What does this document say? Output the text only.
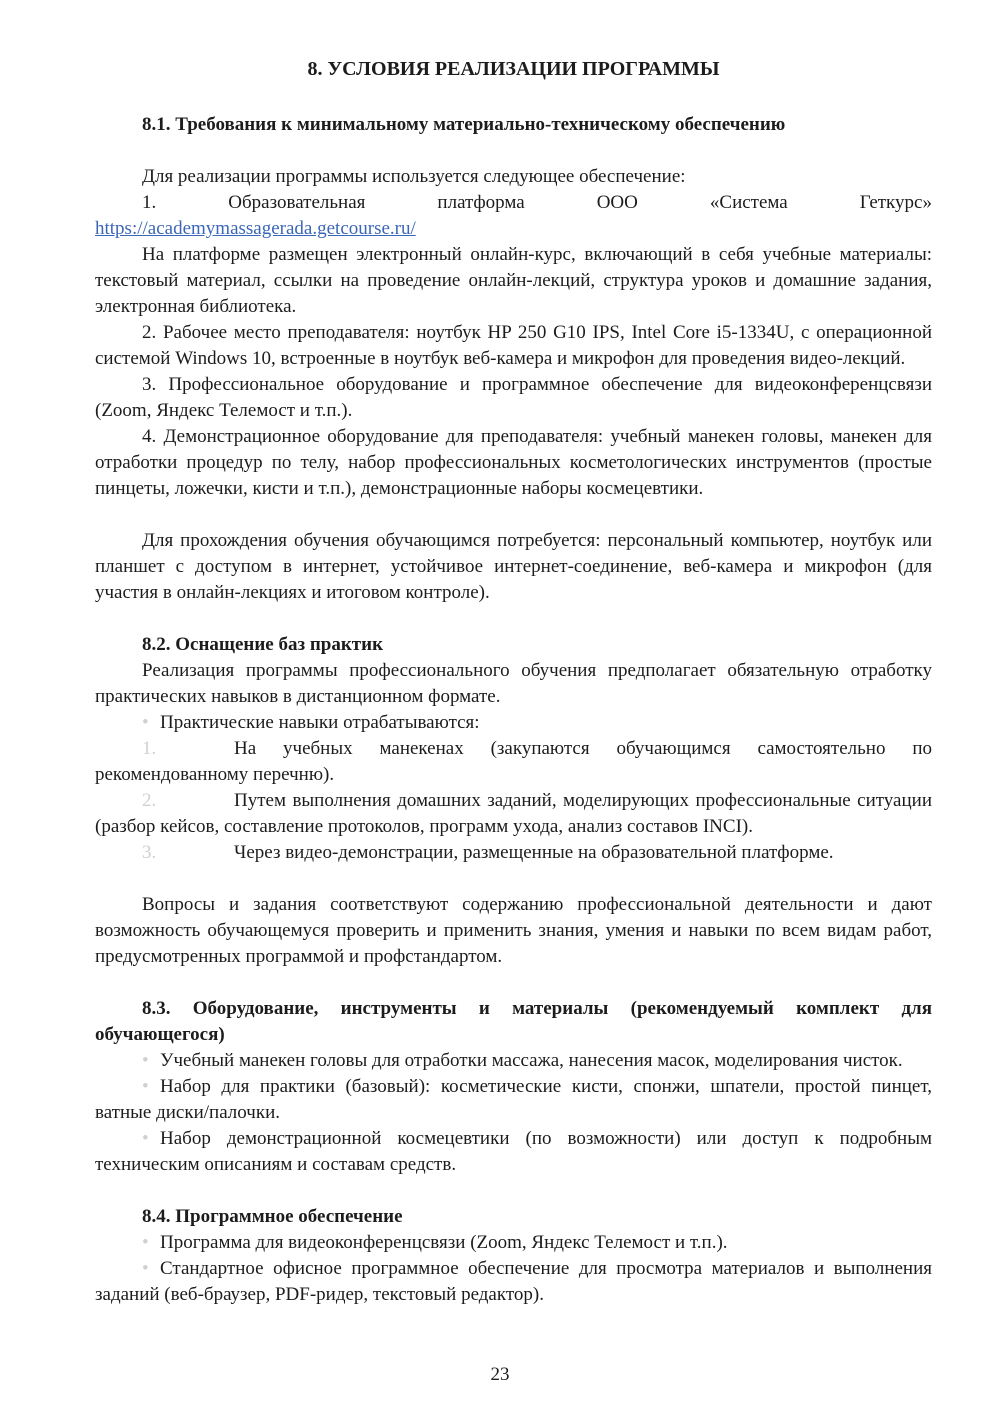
8. УСЛОВИЯ РЕАЛИЗАЦИИ ПРОГРАММЫ

8.1. Требования к минимальному материально-техническому обеспечению

Для реализации программы используется следующее обеспечение:

1.	Образовательная	платформа	ООО	«Система	Геткурс»

https://academymassagerada.getcourse.ru/

На платформе размещен электронный онлайн-курс, включающий в себя учебные материалы: текстовый материал, ссылки на проведение онлайн-лекций, структура уроков и домашние задания, электронная библиотека.

2. Рабочее место преподавателя: ноутбук HP 250 G10 IPS, Intel Core i5-1334U, с операционной системой Windows 10, встроенные в ноутбук веб-камера и микрофон для проведения видео-лекций.

3. Профессиональное оборудование и программное обеспечение для видеоконференцсвязи (Zoom, Яндекс Телемост и т.п.).

4. Демонстрационное оборудование для преподавателя: учебный манекен головы, манекен для отработки процедур по телу, набор профессиональных косметологических инструментов (простые пинцеты, ложечки, кисти и т.п.), демонстрационные наборы космецевтики.

Для прохождения обучения обучающимся потребуется: персональный компьютер, ноутбук или планшет с доступом в интернет, устойчивое интернет-соединение, веб-камера и микрофон (для участия в онлайн-лекциях и итоговом контроле).

8.2. Оснащение баз практик

Реализация программы профессионального обучения предполагает обязательную отработку практических навыков в дистанционном формате.

• Практические навыки отрабатываются:

1.	На учебных манекенах (закупаются обучающимся самостоятельно по рекомендованному перечню).

2.	Путем выполнения домашних заданий, моделирующих профессиональные ситуации (разбор кейсов, составление протоколов, программ ухода, анализ составов INCI).

3.	Через видео-демонстрации, размещенные на образовательной платформе.

Вопросы и задания соответствуют содержанию профессиональной деятельности и дают возможность обучающемуся проверить и применить знания, умения и навыки по всем видам работ, предусмотренных программой и профстандартом.

8.3. Оборудование, инструменты и материалы (рекомендуемый комплект для обучающегося)

• Учебный манекен головы для отработки массажа, нанесения масок, моделирования чисток.

• Набор для практики (базовый): косметические кисти, спонжи, шпатели, простой пинцет, ватные диски/палочки.

• Набор демонстрационной космецевтики (по возможности) или доступ к подробным техническим описаниям и составам средств.

8.4. Программное обеспечение

• Программа для видеоконференцсвязи (Zoom, Яндекс Телемост и т.п.).

• Стандартное офисное программное обеспечение для просмотра материалов и выполнения заданий (веб-браузер, PDF-ридер, текстовый редактор).

23
